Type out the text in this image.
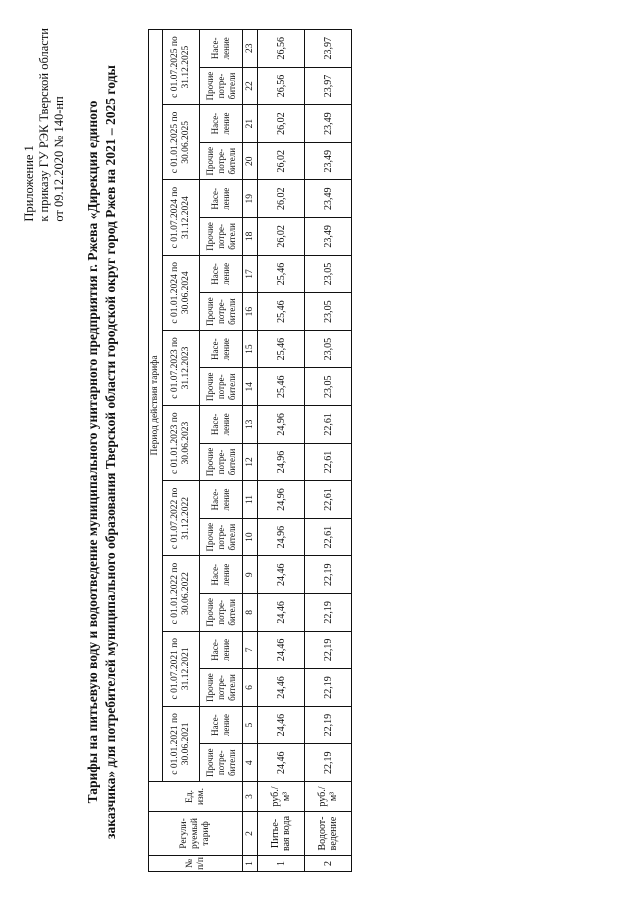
Приложение 1 к приказу ГУ РЭК Тверской области от 09.12.2020 № 140-нп Тарифы на питьевую воду и водоотведение муниципального унитарного предприятия г. Ржева «Дирекция единого заказчика» для потребителей муниципального образования Тверской области городской округ город Ржев на 2021 – 2025 годы
№ п/п	Регули-руемый тариф	Ед. изм.	Период действия тарифа																			
			с 01.01.2021 по 30.06.2021		с 01.07.2021 по 31.12.2021		с 01.01.2022 по 30.06.2022		с 01.07.2022 по 31.12.2022		с 01.01.2023 по 30.06.2023		с 01.07.2023 по 31.12.2023		с 01.01.2024 по 30.06.2024		с 01.07.2024 по 31.12.2024		с 01.01.2025 по 30.06.2025		с 01.07.2025 по 31.12.2025	
			Прочие потре-бители	Насе-ление	Прочие потре-бители	Насе-ление	Прочие потре-бители	Насе-ление	Прочие потре-бители	Насе-ление	Прочие потре-бители	Насе-ление	Прочие потре-бители	Насе-ление	Прочие потре-бители	Насе-ление	Прочие потре-бители	Насе-ление	Прочие потре-бители	Насе-ление	Прочие потре-бители	Насе-ление
1	2	3	4	5	6	7	8	9	10	11	12	13	14	15	16	17	18	19	20	21	22	23
1	Питье-вая вода	руб./м³	24,46	24,46	24,46	24,46	24,46	24,46	24,96	24,96	24,96	24,96	25,46	25,46	25,46	25,46	26,02	26,02	26,02	26,02	26,56	26,56
2	Водоот-ведение	руб./м³	22,19	22,19	22,19	22,19	22,19	22,19	22,61	22,61	22,61	22,61	23,05	23,05	23,05	23,05	23,49	23,49	23,49	23,49	23,97	23,97
